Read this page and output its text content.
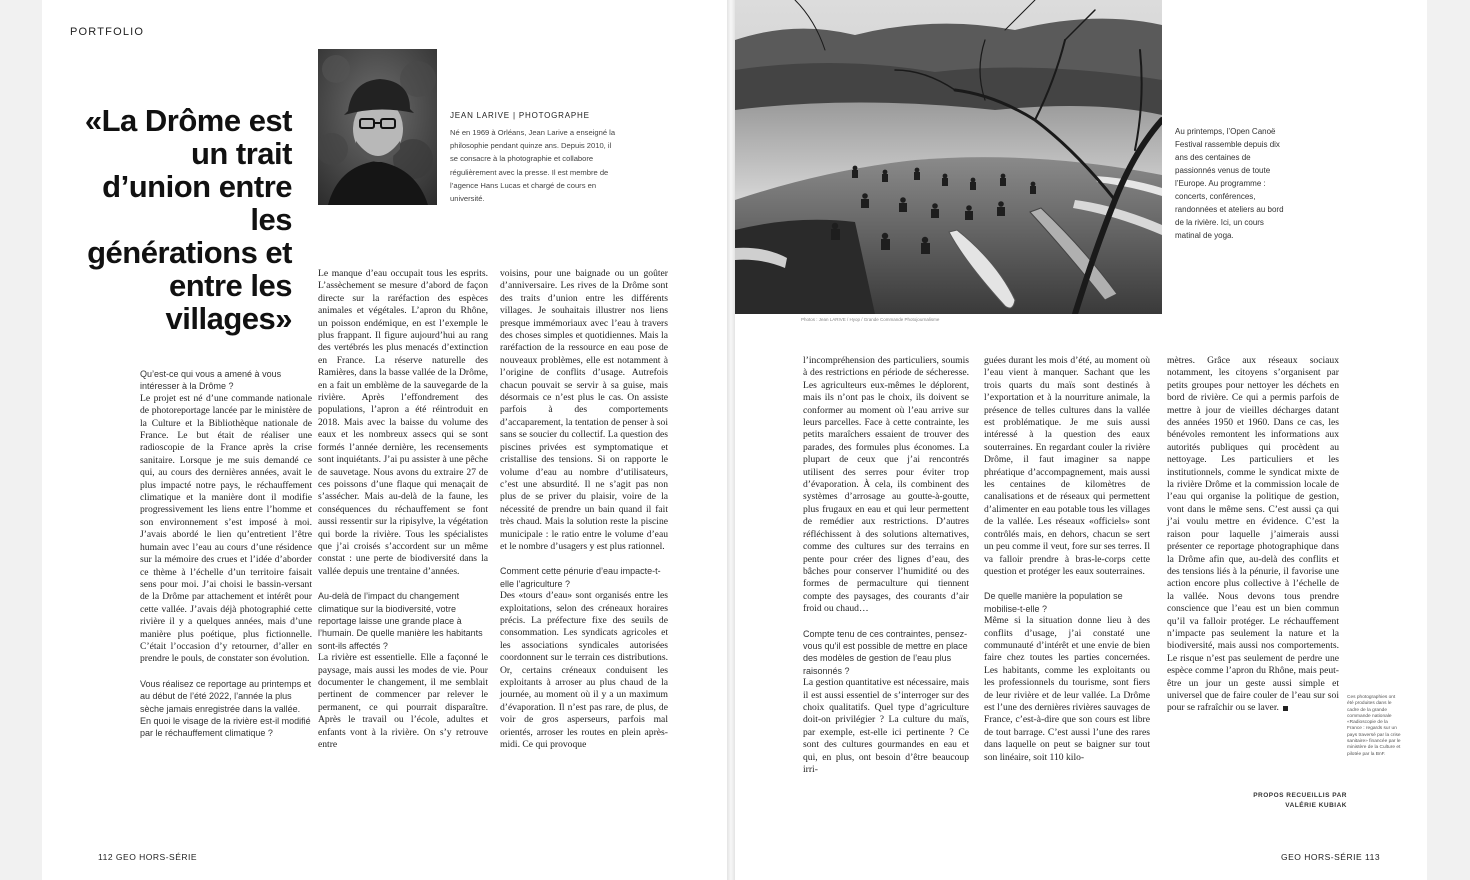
PORTFOLIO
«La Drôme est un trait d’union entre les générations et entre les villages»
JEAN LARIVE | PHOTOGRAPHE
Né en 1969 à Orléans, Jean Larive a enseigné la philosophie pendant quinze ans. Depuis 2010, il se consacre à la photographie et collabore régulièrement avec la presse. Il est membre de l’agence Hans Lucas et chargé de cours en université.

Qu’est-ce qui vous a amené à vous intéresser à la Drôme ?

Le projet est né d’une commande nationale de photoreportage lancée par le ministère de la Culture et la Bibliothèque nationale de France. Le but était de réaliser une radioscopie de la France après la crise sanitaire. Lorsque je me suis demandé ce qui, au cours des dernières années, avait le plus impacté notre pays, le réchauffement climatique et la manière dont il modifie progressivement les liens entre l’homme et son environnement s’est imposé à moi. J’avais abordé le lien qu’entretient l’être humain avec l’eau au cours d’une résidence sur la mémoire des crues et l’idée d’aborder ce thème à l’échelle d’un territoire faisait sens pour moi. J’ai choisi le bassin-versant de la Drôme par attachement et intérêt pour cette vallée. J’avais déjà photographié cette rivière il y a quelques années, mais d’une manière plus poétique, plus fictionnelle. C’était l’occasion d’y retourner, d’aller en prendre le pouls, de constater son évolution.

Vous réalisez ce reportage au printemps et au début de l’été 2022, l’année la plus sèche jamais enregistrée dans la vallée. En quoi le visage de la rivière est-il modifié par le réchauffement climatique ?

Le manque d’eau occupait tous les esprits. L’assèchement se mesure d’abord de façon directe sur la raréfaction des espèces animales et végétales. L’apron du Rhône, un poisson endémique, en est l’exemple le plus frappant. Il figure aujourd’hui au rang des vertébrés les plus menacés d’extinction en France. La réserve naturelle des Ramières, dans la basse vallée de la Drôme, en a fait un emblème de la sauvegarde de la rivière. Après l’effondrement des populations, l’apron a été réintroduit en 2018. Mais avec la baisse du volume des eaux et les nombreux assecs qui se sont formés l’année dernière, les recensements sont inquiétants. J’ai pu assister à une pêche de sauvetage. Nous avons du extraire 27 de ces poissons d’une flaque qui menaçait de s’assécher. Mais au-delà de la faune, les conséquences du réchauffement se font aussi ressentir sur la ripisylve, la végétation qui borde la rivière. Tous les spécialistes que j’ai croisés s’accordent sur un même constat : une perte de biodiversité dans la vallée depuis une trentaine d’années.

Au-delà de l’impact du changement climatique sur la biodiversité, votre reportage laisse une grande place à l’humain. De quelle manière les habitants sont-ils affectés ?

La rivière est essentielle. Elle a façonné le paysage, mais aussi les modes de vie. Pour documenter le changement, il me semblait pertinent de commencer par relever le permanent, ce qui pourrait disparaître. Après le travail ou l’école, adultes et enfants vont à la rivière. On s’y retrouve entre

voisins, pour une baignade ou un goûter d’anniversaire. Les rives de la Drôme sont des traits d’union entre les différents villages. Je souhaitais illustrer nos liens presque immémoriaux avec l’eau à travers des choses simples et quotidiennes. Mais la raréfaction de la ressource en eau pose de nouveaux problèmes, elle est notamment à l’origine de conflits d’usage. Autrefois chacun pouvait se servir à sa guise, mais désormais ce n’est plus le cas. On assiste parfois à des comportements d’accaparement, la tentation de penser à soi sans se soucier du collectif. La question des piscines privées est symptomatique et cristallise des tensions. Si on rapporte le volume d’eau au nombre d’utilisateurs, c’est une absurdité. Il ne s’agit pas non plus de se priver du plaisir, voire de la nécessité de prendre un bain quand il fait très chaud. Mais la solution reste la piscine municipale : le ratio entre le volume d’eau et le nombre d’usagers y est plus rationnel.

Comment cette pénurie d’eau impacte-t-elle l’agriculture ?

Des «tours d’eau» sont organisés entre les exploitations, selon des créneaux horaires précis. La préfecture fixe des seuils de consommation. Les syndicats agricoles et les associations syndicales autorisées coordonnent sur le terrain ces distributions. Or, certains créneaux conduisent les exploitants à arroser au plus chaud de la journée, au moment où il y a un maximum d’évaporation. Il n’est pas rare, de plus, de voir de gros asperseurs, parfois mal orientés, arroser les routes en plein après-midi. Ce qui provoque

112 GEO HORS-SÉRIE
Photos : Jean LARIVE / Hyop / Grande Commande Photojournalisme
Au printemps, l’Open Canoë Festival rassemble depuis dix ans des centaines de passionnés venus de toute l’Europe. Au programme : concerts, conférences, randonnées et ateliers au bord de la rivière. Ici, un cours matinal de yoga.

l’incompréhension des particuliers, soumis à des restrictions en période de sécheresse. Les agriculteurs eux-mêmes le déplorent, mais ils n’ont pas le choix, ils doivent se conformer au moment où l’eau arrive sur leurs parcelles. Face à cette contrainte, les petits maraîchers essaient de trouver des parades, des formules plus économes. La plupart de ceux que j’ai rencontrés utilisent des serres pour éviter trop d’évaporation. À cela, ils combinent des systèmes d’arrosage au goutte-à-goutte, plus frugaux en eau et qui leur permettent de remédier aux restrictions. D’autres réfléchissent à des solutions alternatives, comme des cultures sur des terrains en pente pour créer des lignes d’eau, des bâches pour conserver l’humidité ou des formes de permaculture qui tiennent compte des paysages, des courants d’air froid ou chaud…

Compte tenu de ces contraintes, pensez-vous qu’il est possible de mettre en place des modèles de gestion de l’eau plus raisonnés ?

La gestion quantitative est nécessaire, mais il est aussi essentiel de s’interroger sur des choix qualitatifs. Quel type d’agriculture doit-on privilégier ? La culture du maïs, par exemple, est-elle ici pertinente ? Ce sont des cultures gourmandes en eau et qui, en plus, ont besoin d’être beaucoup irri-

guées durant les mois d’été, au moment où l’eau vient à manquer. Sachant que les trois quarts du maïs sont destinés à l’exportation et à la nourriture animale, la présence de telles cultures dans la vallée est problématique. Je me suis aussi intéressé à la question des eaux souterraines. En regardant couler la rivière Drôme, il faut imaginer sa nappe phréatique d’accompagnement, mais aussi les centaines de kilomètres de canalisations et de réseaux qui permettent d’alimenter en eau potable tous les villages de la vallée. Les réseaux «officiels» sont contrôlés mais, en dehors, chacun se sert un peu comme il veut, fore sur ses terres. Il va falloir prendre à bras-le-corps cette question et protéger les eaux souterraines.

De quelle manière la population se mobilise-t-elle ?

Même si la situation donne lieu à des conflits d’usage, j’ai constaté une communauté d’intérêt et une envie de bien faire chez toutes les parties concernées. Les habitants, comme les exploitants ou les professionnels du tourisme, sont fiers de leur rivière et de leur vallée. La Drôme est l’une des dernières rivières sauvages de France, c’est-à-dire que son cours est libre de tout barrage. C’est aussi l’une des rares dans laquelle on peut se baigner sur tout son linéaire, soit 110 kilo-

mètres. Grâce aux réseaux sociaux notamment, les citoyens s’organisent par petits groupes pour nettoyer les déchets en bord de rivière. Ce qui a permis parfois de mettre à jour de vieilles décharges datant des années 1950 et 1960. Dans ce cas, les bénévoles remontent les informations aux autorités publiques qui procèdent au nettoyage. Les particuliers et les institutionnels, comme le syndicat mixte de la rivière Drôme et la commission locale de l’eau qui organise la politique de gestion, vont dans le même sens. C’est aussi ça qui j’ai voulu mettre en évidence. C’est la raison pour laquelle j’aimerais aussi présenter ce reportage photographique dans la Drôme afin que, au-delà des conflits et des tensions liés à la pénurie, il favorise une action encore plus collective à l’échelle de la vallée. Nous devons tous prendre conscience que l’eau est un bien commun qu’il va falloir protéger. Le réchauffement n’impacte pas seulement la nature et la biodiversité, mais aussi nos comportements. Le risque n’est pas seulement de perdre une espèce comme l’apron du Rhône, mais peut-être un jour un geste aussi simple et universel que de faire couler de l’eau sur soi pour se rafraîchir ou se laver.

PROPOS RECUEILLIS PAR VALÉRIE KUBIAK
Ces photographies ont été produites dans le cadre de la grande commande nationale «Radioscopie de la France : regards sur un pays traversé par la crise sanitaire» financée par le ministère de la Culture et pilotée par la BnF.
GEO HORS-SÉRIE 113
